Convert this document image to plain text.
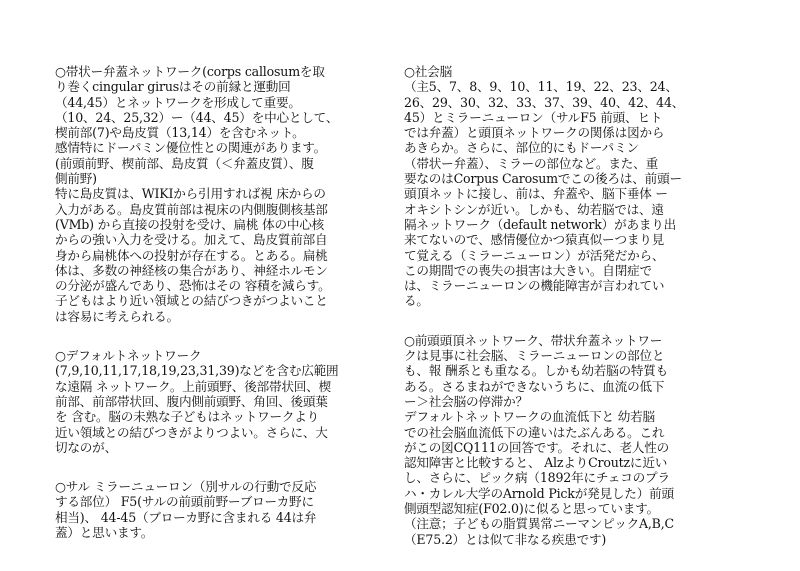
○帯状ー弁蓋ネットワーク(corps callosumを取
り巻くcingular girusはその前縁と運動回
（44,45）とネットワークを形成して重要。
（10、24、25,32）ー（44、45）を中心として、
楔前部(7)や島皮質（13,14）を含むネット。
感情特にドーパミン優位性との関連があります。
(前頭前野、楔前部、島皮質（＜弁蓋皮質）、腹
側前野)
特に島皮質は、WIKIから引用すれば視 床からの
入力がある。島皮質前部は視床の内側腹側核基部
(VMb) から直接の投射を受け、扁桃 体の中心核
からの強い入力を受ける。加えて、島皮質前部自
身から扁桃体への投射が存在する。とある。扁桃
体は、多数の神経核の集合があり、神経ホルモン
の分泌が盛んであり、恐怖はその 容積を減らす。
子どもはより近い領域との結びつきがつよいこと
は容易に考えられる。
○デフォルトネットワーク
(7,9,10,11,17,18,19,23,31,39)などを含む広範囲
な遠隔 ネットワーク。上前頭野、後部帯状回、楔
前部、前部帯状回、腹内側前頭野、角回、後頭葉
を 含む。脳の未熟な子どもはネットワークより
近い領域との結びつきがよりつよい。さらに、大
切なのが、
○サル ミラーニューロン（別サルの行動で反応
する部位） F5(サルの前頭前野ーブローカ野に
相当)、 44-45（ブローカ野に含まれる 44は弁
蓋）と思います。
○社会脳
（主5、7、8、9、10、11、19、22、23、24、
26、29、30、32、33、37、39、40、42、44、
45）とミラーニューロン（サルF5 前頭、ヒト
では弁蓋）と頭頂ネットワークの関係は図から
あきらか。さらに、部位的にもドーパミン
（帯状ー弁蓋）、ミラーの部位など。また、重
要なのはCorpus Carosumでこの後ろは、前頭ー
頭頂ネットに接し、前は、弁蓋や、脳下垂体 ー
オキシトシンが近い。しかも、幼若脳では、遠
隔ネットワーク（default network）があまり出
来てないので、感情優位かつ猿真似ーつまり見
て覚える（ミラーニューロン）が活発だから、
この期間での喪失の損害は大きい。自閉症で
は、ミラーニューロンの機能障害が言われてい
る。
○前頭頭頂ネットワーク、帯状弁蓋ネットワー
クは見事に社会脳、ミラーニューロンの部位と
も、報 酬系とも重なる。しかも幼若脳の特質も
ある。さるまねができないうちに、血流の低下
ー＞社会脳の停滞か？
デフォルトネットワークの血流低下と 幼若脳
での社会脳血流低下の違いはたぶんある。これ
がこの図CQ111の回答です。それに、老人性の
認知障害と比較すると、 AlzよりCroutzに近い
し、さらに、ピック病（1892年にチェコのプラ
ハ・カレル大学のArnold Pickが発見した）前頭
側頭型認知症(F02.0)に似ると思っています。
（注意；子どもの脂質異常ニーマンピックA,B,C
（E75.2）とは似て非なる疾患です)
